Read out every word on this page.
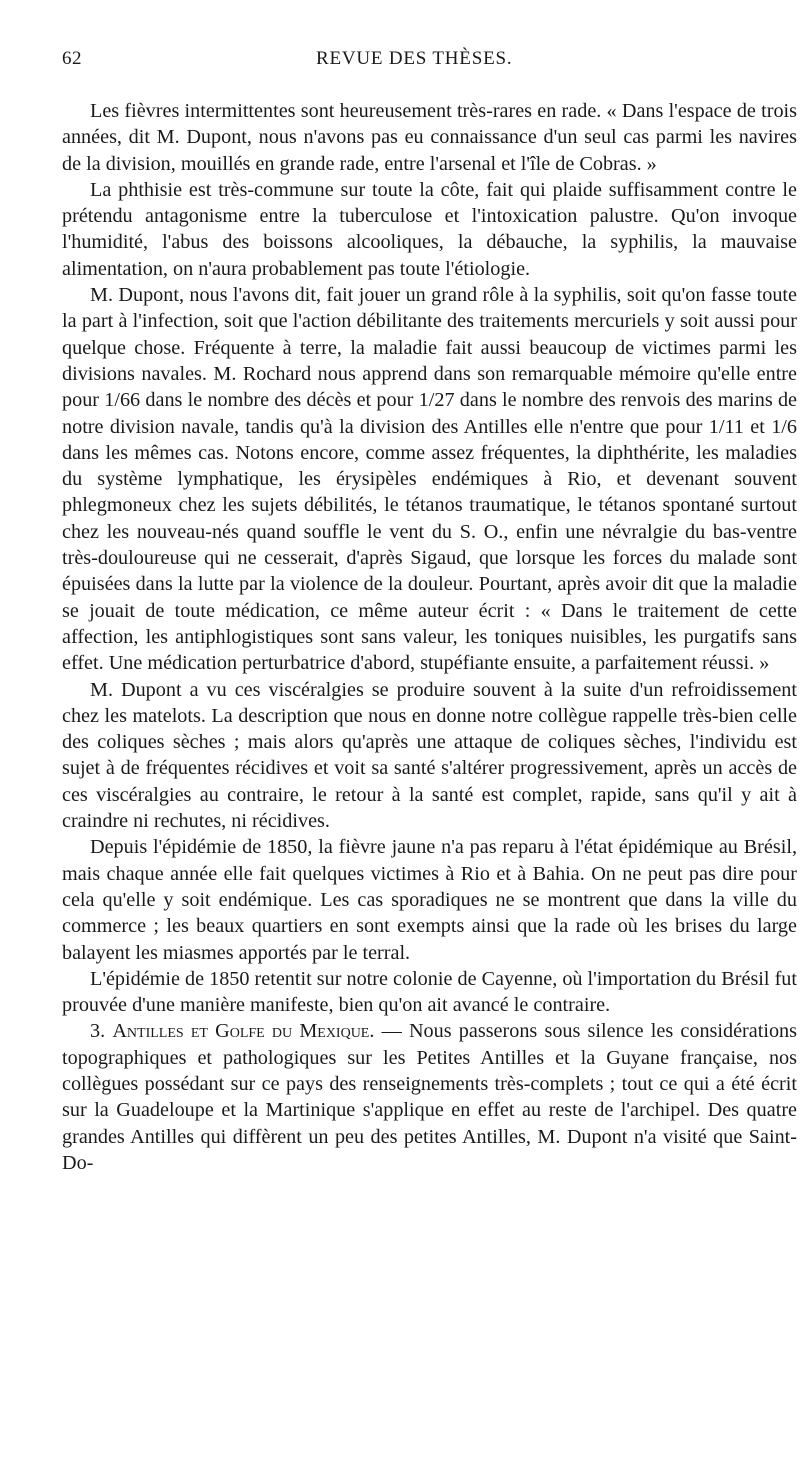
62	REVUE DES THÈSES.

Les fièvres intermittentes sont heureusement très-rares en rade. « Dans l'espace de trois années, dit M. Dupont, nous n'avons pas eu connaissance d'un seul cas parmi les navires de la division, mouillés en grande rade, entre l'arsenal et l'île de Cobras. »

La phthisie est très-commune sur toute la côte, fait qui plaide suffisamment contre le prétendu antagonisme entre la tuberculose et l'intoxication palustre. Qu'on invoque l'humidité, l'abus des boissons alcooliques, la débauche, la syphilis, la mauvaise alimentation, on n'aura probablement pas toute l'étiologie.

M. Dupont, nous l'avons dit, fait jouer un grand rôle à la syphilis, soit qu'on fasse toute la part à l'infection, soit que l'action débilitante des traitements mercuriels y soit aussi pour quelque chose. Fréquente à terre, la maladie fait aussi beaucoup de victimes parmi les divisions navales. M. Rochard nous apprend dans son remarquable mémoire qu'elle entre pour 1/66 dans le nombre des décès et pour 1/27 dans le nombre des renvois des marins de notre division navale, tandis qu'à la division des Antilles elle n'entre que pour 1/11 et 1/6 dans les mêmes cas. Notons encore, comme assez fréquentes, la diphthérite, les maladies du système lymphatique, les érysipèles endémiques à Rio, et devenant souvent phlegmoneux chez les sujets débilités, le tétanos traumatique, le tétanos spontané surtout chez les nouveau-nés quand souffle le vent du S. O., enfin une névralgie du bas-ventre très-douloureuse qui ne cesserait, d'après Sigaud, que lorsque les forces du malade sont épuisées dans la lutte par la violence de la douleur. Pourtant, après avoir dit que la maladie se jouait de toute médication, ce même auteur écrit : « Dans le traitement de cette affection, les antiphlogistiques sont sans valeur, les toniques nuisibles, les purgatifs sans effet. Une médication perturbatrice d'abord, stupéfiante ensuite, a parfaitement réussi. »

M. Dupont a vu ces viscéralgies se produire souvent à la suite d'un refroidissement chez les matelots. La description que nous en donne notre collègue rappelle très-bien celle des coliques sèches ; mais alors qu'après une attaque de coliques sèches, l'individu est sujet à de fréquentes récidives et voit sa santé s'altérer progressivement, après un accès de ces viscéralgies au contraire, le retour à la santé est complet, rapide, sans qu'il y ait à craindre ni rechutes, ni récidives.

Depuis l'épidémie de 1850, la fièvre jaune n'a pas reparu à l'état épidémique au Brésil, mais chaque année elle fait quelques victimes à Rio et à Bahia. On ne peut pas dire pour cela qu'elle y soit endémique. Les cas sporadiques ne se montrent que dans la ville du commerce ; les beaux quartiers en sont exempts ainsi que la rade où les brises du large balayent les miasmes apportés par le terral.

L'épidémie de 1850 retentit sur notre colonie de Cayenne, où l'importation du Brésil fut prouvée d'une manière manifeste, bien qu'on ait avancé le contraire.

3. Antilles et Golfe du Mexique. — Nous passerons sous silence les considérations topographiques et pathologiques sur les Petites Antilles et la Guyane française, nos collègues possédant sur ce pays des renseignements très-complets ; tout ce qui a été écrit sur la Guadeloupe et la Martinique s'applique en effet au reste de l'archipel. Des quatre grandes Antilles qui diffèrent un peu des petites Antilles, M. Dupont n'a visité que Saint-Do-
